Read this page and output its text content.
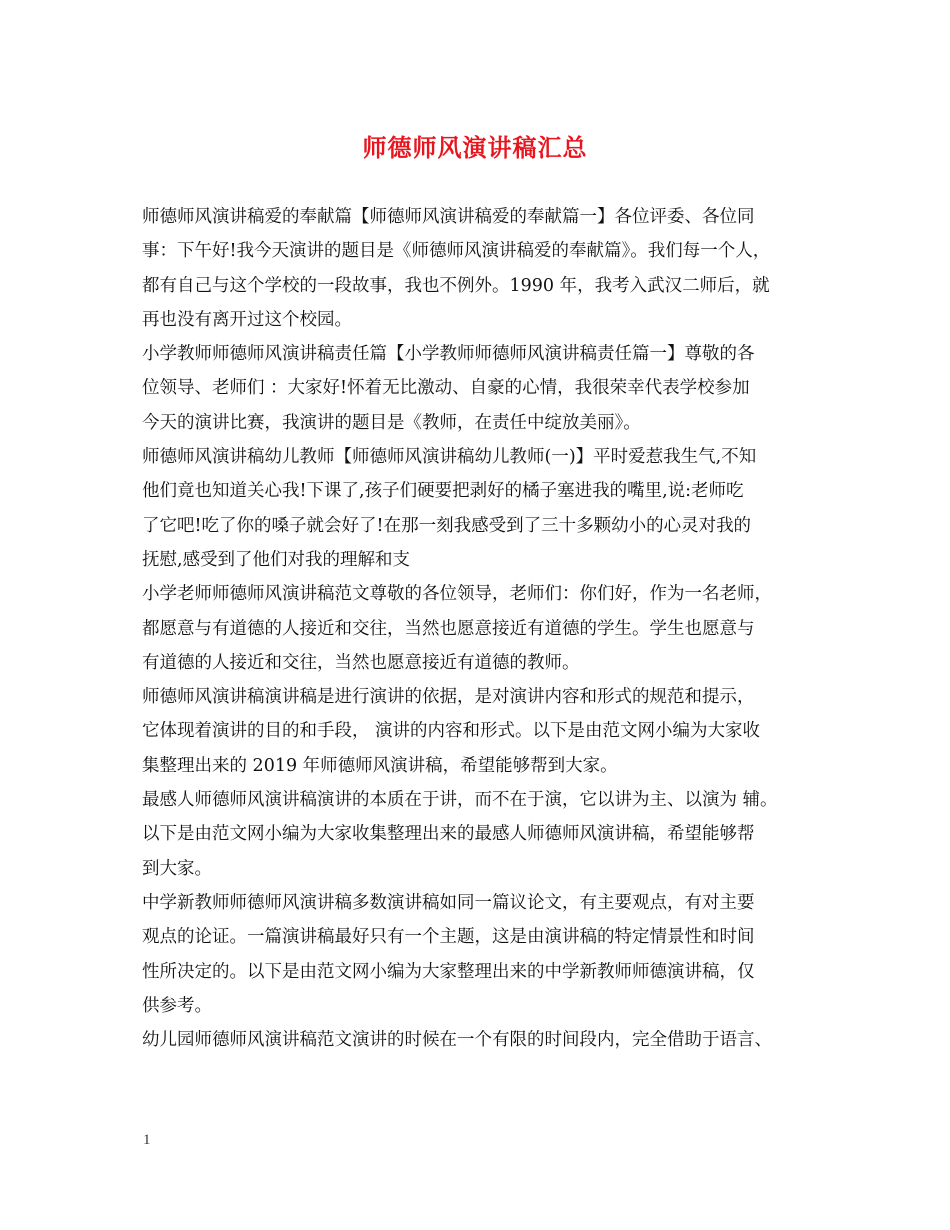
师德师风演讲稿汇总
师德师风演讲稿爱的奉献篇【师德师风演讲稿爱的奉献篇一】各位评委、各位同
事：下午好!我今天演讲的题目是《师德师风演讲稿爱的奉献篇》。我们每一个人，
都有自己与这个学校的一段故事，我也不例外。1990 年，我考入武汉二师后，就
再也没有离开过这个校园。
小学教师师德师风演讲稿责任篇【小学教师师德师风演讲稿责任篇一】尊敬的各
位领导、老师们 ：大家好!怀着无比激动、自豪的心情，我很荣幸代表学校参加
今天的演讲比赛，我演讲的题目是《教师，在责任中绽放美丽》。
师德师风演讲稿幼儿教师【师德师风演讲稿幼儿教师(一)】平时爱惹我生气,不知
他们竟也知道关心我!下课了,孩子们硬要把剥好的橘子塞进我的嘴里,说:老师吃
了它吧!吃了你的嗓子就会好了!在那一刻我感受到了三十多颗幼小的心灵对我的
抚慰,感受到了他们对我的理解和支
小学老师师德师风演讲稿范文尊敬的各位领导，老师们：你们好，作为一名老师，
都愿意与有道德的人接近和交往，当然也愿意接近有道德的学生。学生也愿意与
有道德的人接近和交往，当然也愿意接近有道德的教师。
师德师风演讲稿演讲稿是进行演讲的依据，是对演讲内容和形式的规范和提示，
它体现着演讲的目的和手段， 演讲的内容和形式。以下是由范文网小编为大家收
集整理出来的 2019 年师德师风演讲稿，希望能够帮到大家。
最感人师德师风演讲稿演讲的本质在于讲，而不在于演，它以讲为主、以演为 辅。
以下是由范文网小编为大家收集整理出来的最感人师德师风演讲稿，希望能够帮
到大家。
中学新教师师德师风演讲稿多数演讲稿如同一篇议论文，有主要观点，有对主要
观点的论证。一篇演讲稿最好只有一个主题，这是由演讲稿的特定情景性和时间
性所决定的。以下是由范文网小编为大家整理出来的中学新教师师德演讲稿，仅
供参考。
幼儿园师德师风演讲稿范文演讲的时候在一个有限的时间段内，完全借助于语言、
1
